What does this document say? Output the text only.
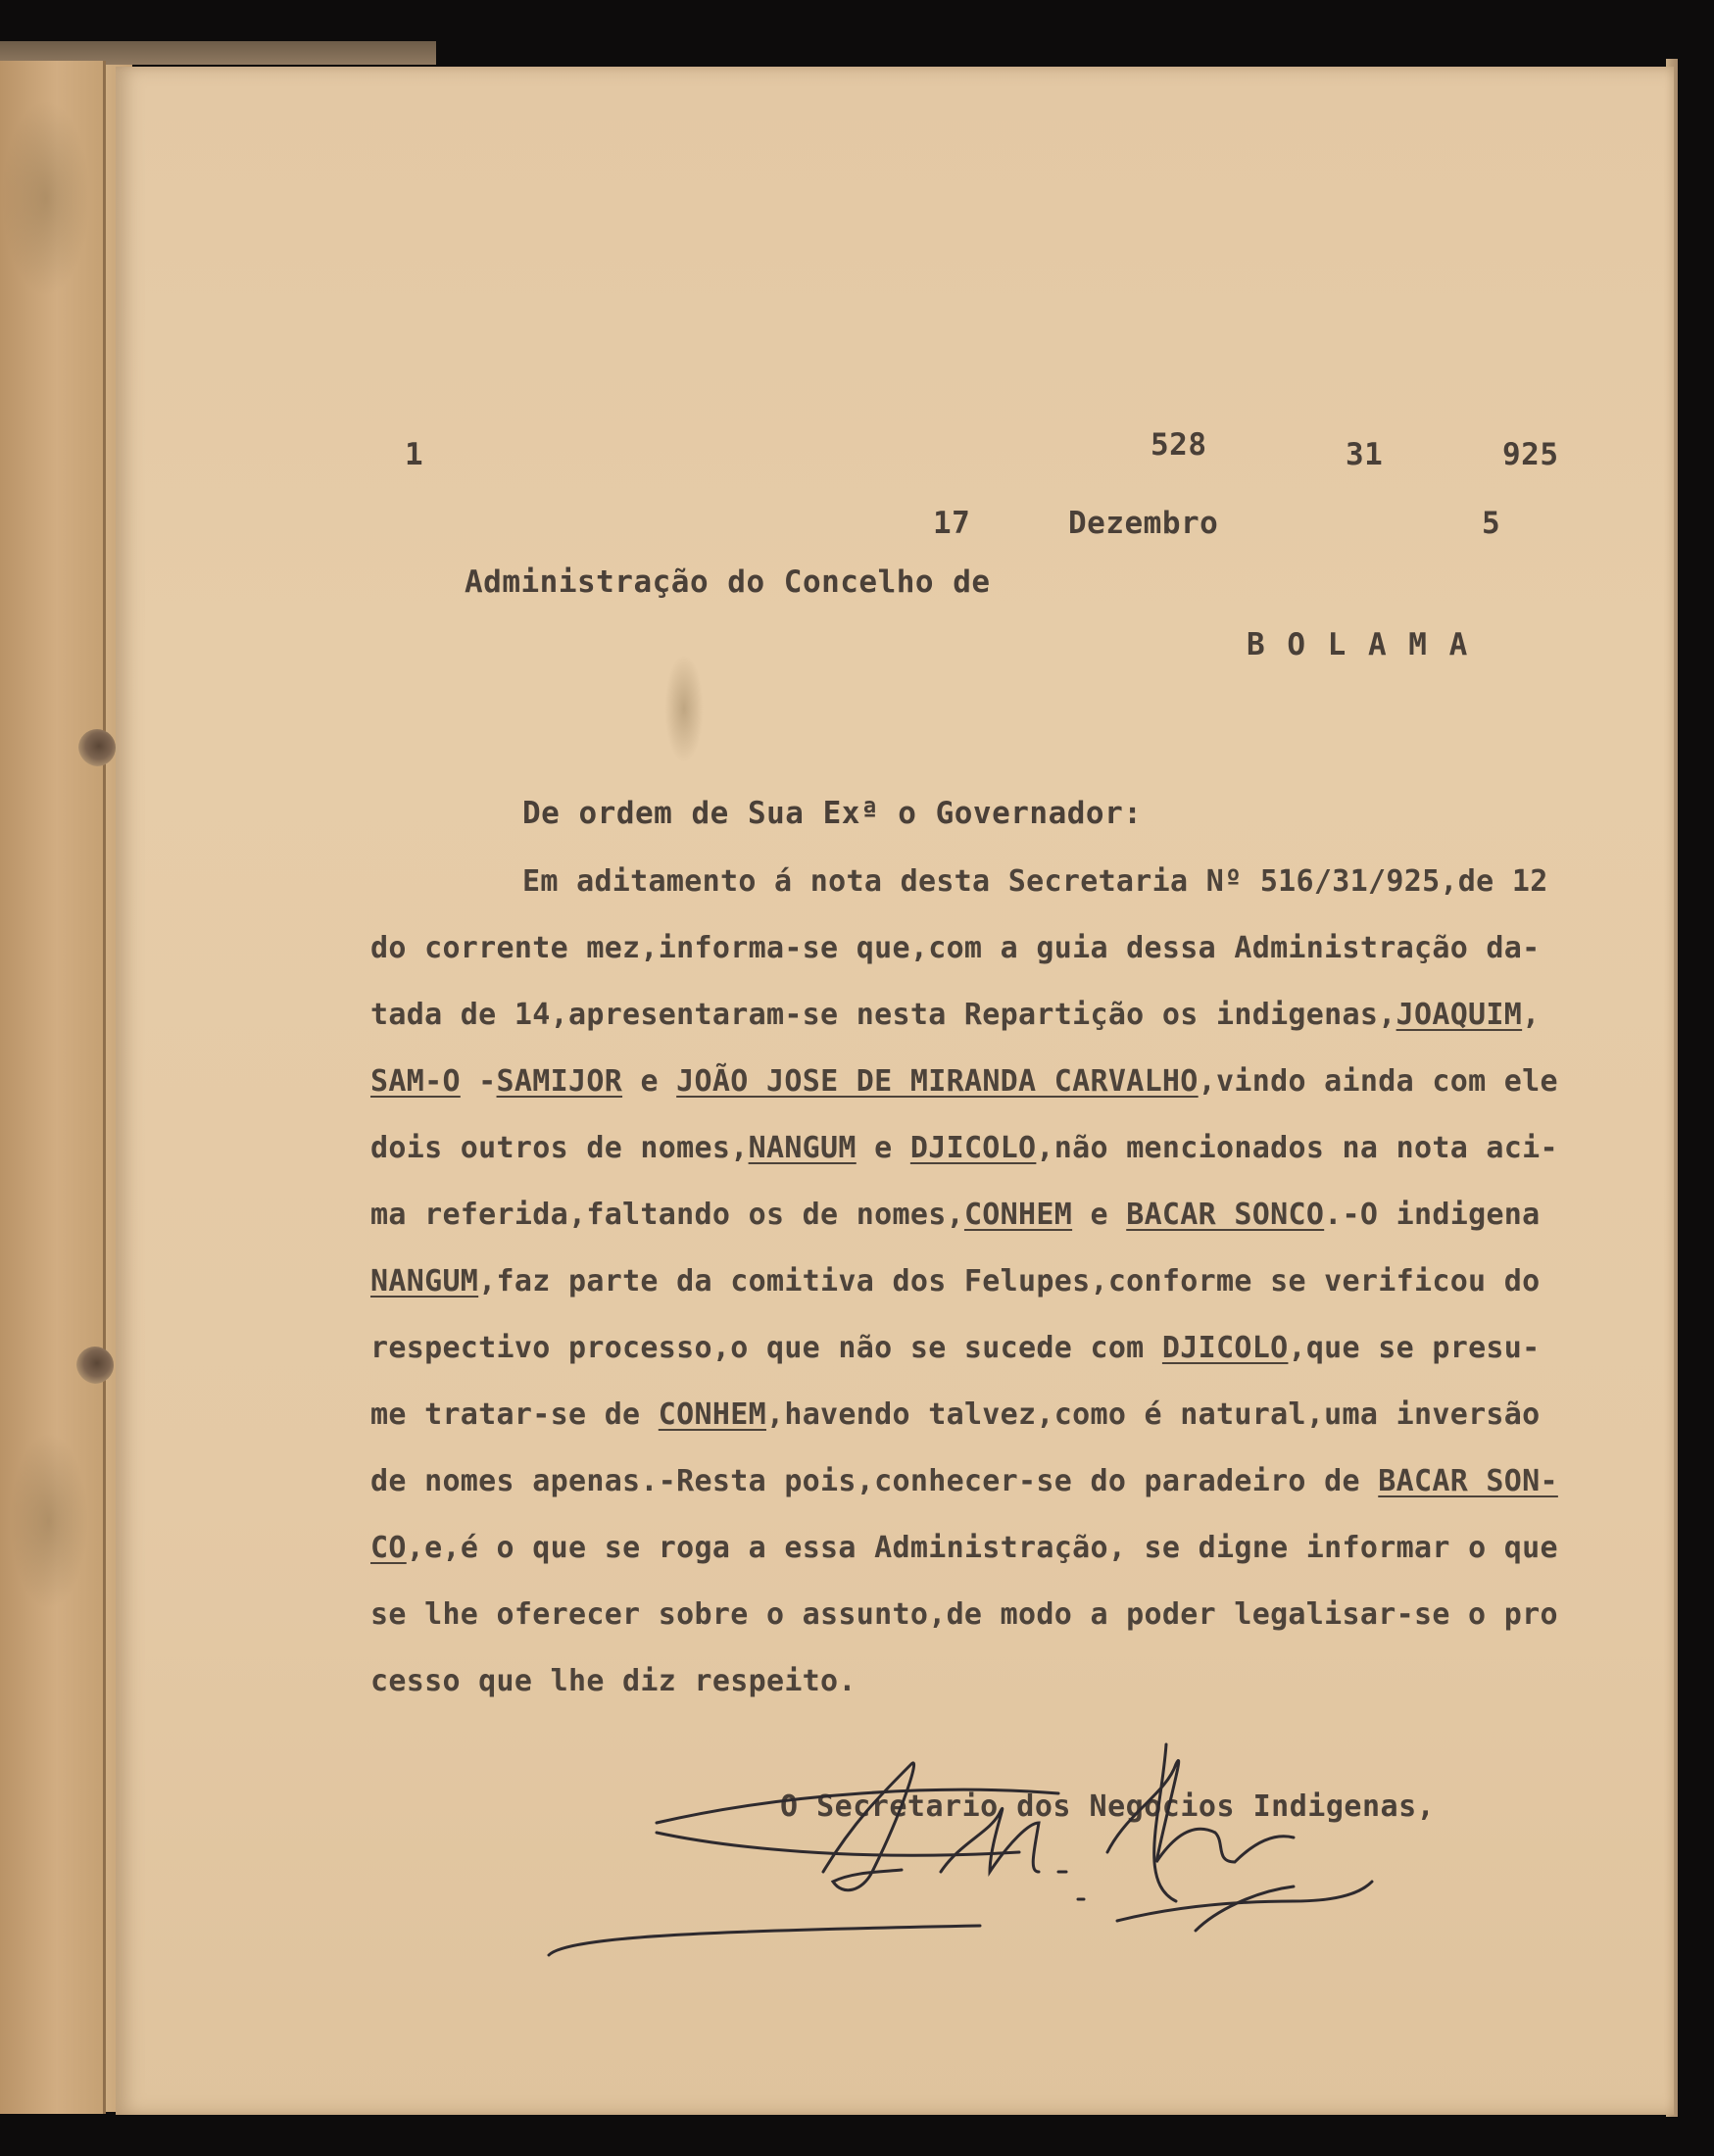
1	528	31	925
17	Dezembro	5
Administração do Concelho de
B O L A M A
De ordem de Sua Exª o Governador:
Em aditamento á nota desta Secretaria Nº 516/31/925,de 12
do corrente mez,informa-se que,com a guia dessa Administração da-
tada de 14,apresentaram-se nesta Repartição os indigenas,JOAQUIM,
SAM-O -SAMIJOR e JOÃO JOSE DE MIRANDA CARVALHO,vindo ainda com ele
dois outros de nomes,NANGUM e DJICOLO,não mencionados na nota aci-
ma referida,faltando os de nomes,CONHEM e BACAR SONCO.-O indigena
NANGUM,faz parte da comitiva dos Felupes,conforme se verificou do
respectivo processo,o que não se sucede com DJICOLO,que se presu-
me tratar-se de CONHEM,havendo talvez,como é natural,uma inversão
de nomes apenas.-Resta pois,conhecer-se do paradeiro de BACAR SON-
CO,e,é o que se roga a essa Administração, se digne informar o que
se lhe oferecer sobre o assunto,de modo a poder legalisar-se o pro
cesso que lhe diz respeito.
O Secretario dos Negocios Indigenas,
